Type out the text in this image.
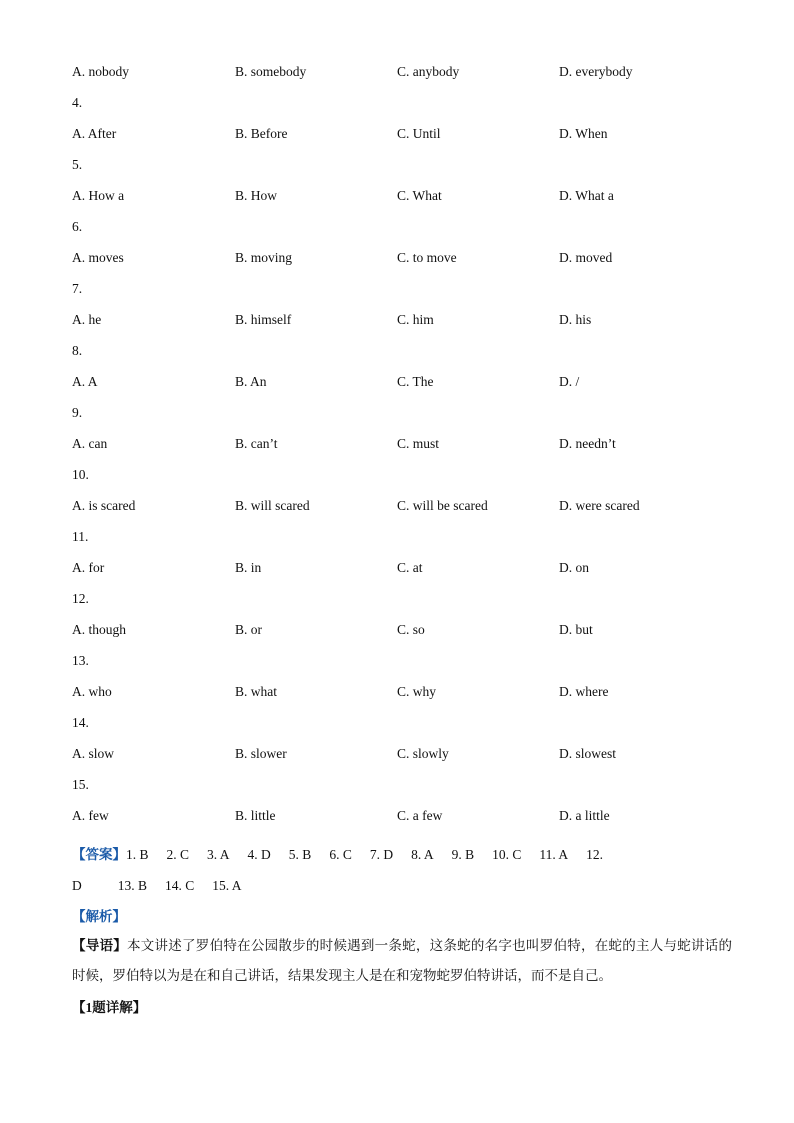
A. nobody	B. somebody	C. anybody	D. everybody
4.
A. After	B. Before	C. Until	D. When
5.
A. How a	B. How	C. What	D. What a
6.
A. moves	B. moving	C. to move	D. moved
7.
A. he	B. himself	C. him	D. his
8.
A. A	B. An	C. The	D. /
9.
A. can	B. can’t	C. must	D. needn’t
10.
A. is scared	B. will scared	C. will be scared	D. were scared
11.
A. for	B. in	C. at	D. on
12.
A. though	B. or	C. so	D. but
13.
A. who	B. what	C. why	D. where
14.
A. slow	B. slower	C. slowly	D. slowest
15.
A. few	B. little	C. a few	D. a little
【答案】1. B 2. C 3. A 4. D 5. B 6. C 7. D 8. A 9. B 10. C 11. A 12.
D	13. B 14. C 15. A
【解析】
【导语】本文讲述了罗伯特在公园散步的时候遇到一条蛇，这条蛇的名字也叫罗伯特，在蛇的主人与蛇讲话的时候，罗伯特以为是在和自己讲话，结果发现主人是在和宠物蛇罗伯特讲话，而不是自己。
【1题详解】
